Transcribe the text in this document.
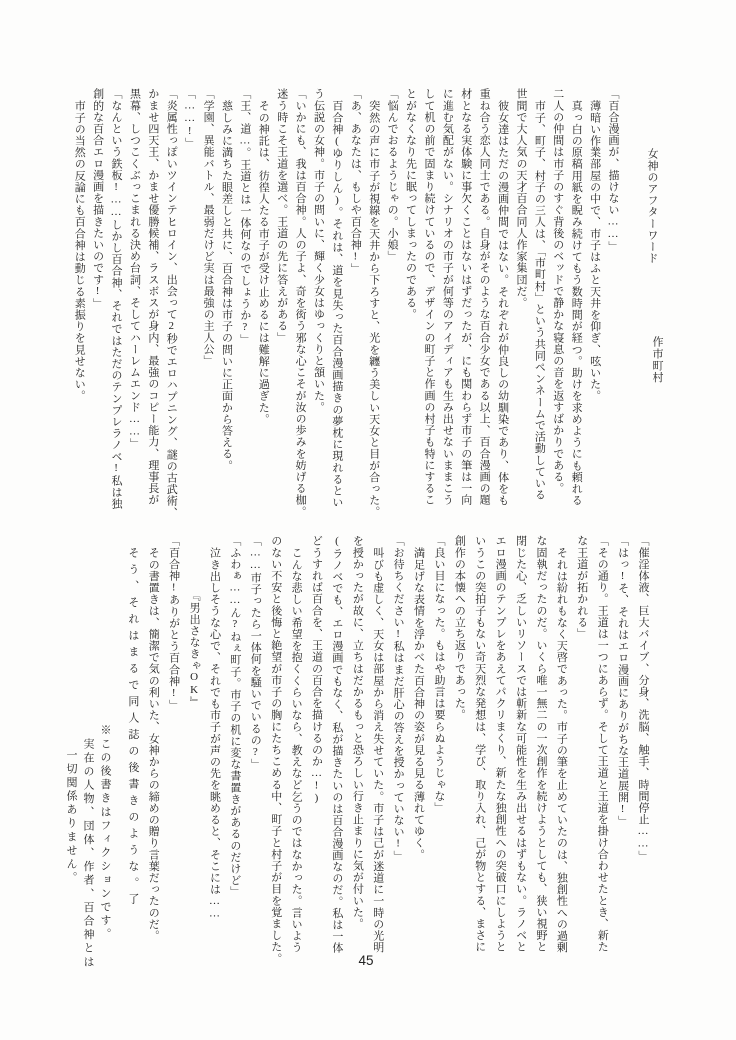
女神のアフターワード

作市町村

「百合漫画が、描けない……」

薄暗い作業部屋の中で、市子はふと天井を仰ぎ、呟いた。

真っ白の原稿用紙を睨み続けてもう数時間が経つ。助けを求めようにも頼れる

二人の仲間は市子のすぐ背後のベッドで静かな寝息の音を返すばかりである。

市子、町子、村子の三人は、「市町村」という共同ペンネームで活動している

世間で大人気の天才百合同人作家集団だ。

彼女達はただの漫画仲間ではない。それぞれが仲良しの幼馴染であり、体をも

重ね合う恋人同士である。自身がそのような百合少女である以上、百合漫画の題

材となる実体験に事欠くことはないはずだったが、にも関わらず市子の筆は一向

に進む気配がない。シナリオの市子が何等のアイディアも生み出せないままこう

して机の前で固まり続けているので、デザインの町子と作画の村子も特にするこ

とがなくなり先に眠ってしまったのである。

「悩んでおるようじゃの。小娘」

突然の声に市子が視線を天井から下ろすと、光を纏う美しい天女と目が合った。

「あ、あなたは、もしや百合神!」

百合神(ゆりしん)。それは、道を見失った百合漫画描きの夢枕に現れるとい

う伝説の女神。市子の問いに、輝く少女はゆっくりと頷いた。

「いかにも、我は百合神。人の子よ、奇を衒う邪な心こそが汝の歩みを妨げる枷。

迷う時こそ王道を選べ。王道の先に答えがある」

その神託は、彷徨人たる市子が受け止めるには難解に過ぎた。

「王、道…。王道とは一体何なのでしょうか?」

慈しみに満ちた眼差しと共に、百合神は市子の問いに正面から答える。

「学園、異能バトル、最弱だけど実は最強の主人公」

「……!」

「炎属性っぽいツインテヒロイン、出会って2秒でエロハプニング、謎の古武術、

かませ四天王、かませ優勝候補、ラスボスが身内、最強のコピー能力、理事長が

黒幕、しつこくぶっこまれる決め台詞、そしてハーレムエンド……」

「なんという鉄板!……しかし百合神、それではただのテンプレラノベ!私は独

創的な百合エロ漫画を描きたいのです!」

市子の当然の反論にも百合神は動じる素振りを見せない。

「催淫体液、巨大バイブ、分身、洗脳、触手、時間停止……」

「はっ!そ、それはエロ漫画にありがちな王道展開!」

「その通り。王道は一つにあらず。そして王道と王道を掛け合わせたとき、新た

な王道が拓かれる」

それは紛れもなく天啓であった。市子の筆を止めていたのは、独創性への過剰

な固執だったのだ。いくら唯一無二の一次創作を続けようとしても、狭い視野と

閉じた心、乏しいリソースでは斬新な可能性を生み出せるはずもない。ラノベと

エロ漫画のテンプレをあえてパクリまくり、新たな独創性への突破口にしようと

いうこの突拍子もない奇天烈な発想は、学び、取り入れ、己が物とする、まさに

創作の本懐への立ち返りであった。

「良い目になった。もはや助言は要らぬようじゃな」

満足げな表情を浮かべた百合神の姿が見る見る薄れてゆく。

「お待ちください!私はまだ肝心の答えを授かっていない!」

叫びも虚しく、天女は部屋から消え失せていた。市子は己が迷道に一時の光明

を授かったが故に、立ちはだかるもっと恐ろしい行き止まりに気が付いた。

(ラノベでも、エロ漫画でもなく、私が描きたいのは百合漫画なのだ。私は一体

どうすれば百合を、王道の百合を描けるのか…!)

こんな悲しい希望を抱くくらいなら、教えなど乞うのではなかった。言いよう

のない不安と後悔と絶望が市子の胸にたちこめる中、町子と村子が目を覚ました。

「……市子ったら一体何を騒いでいるの?」

「ふわぁ……ん?ねぇ町子。市子の机に変な書置きがあるのだけど」

泣き出しそうな心で、それでも市子が声の先を眺めると、そこには……

『男出さなきゃOK』

「百合神!ありがとう百合神!」

その書置きは、簡潔で気の利いた、女神からの締めの贈り言葉だったのだ。

そう、それはまるで同人誌の後書きのような。了

※この後書きはフィクションです。

実在の人物、団体、作者、百合神とは

一切関係ありません。

45
